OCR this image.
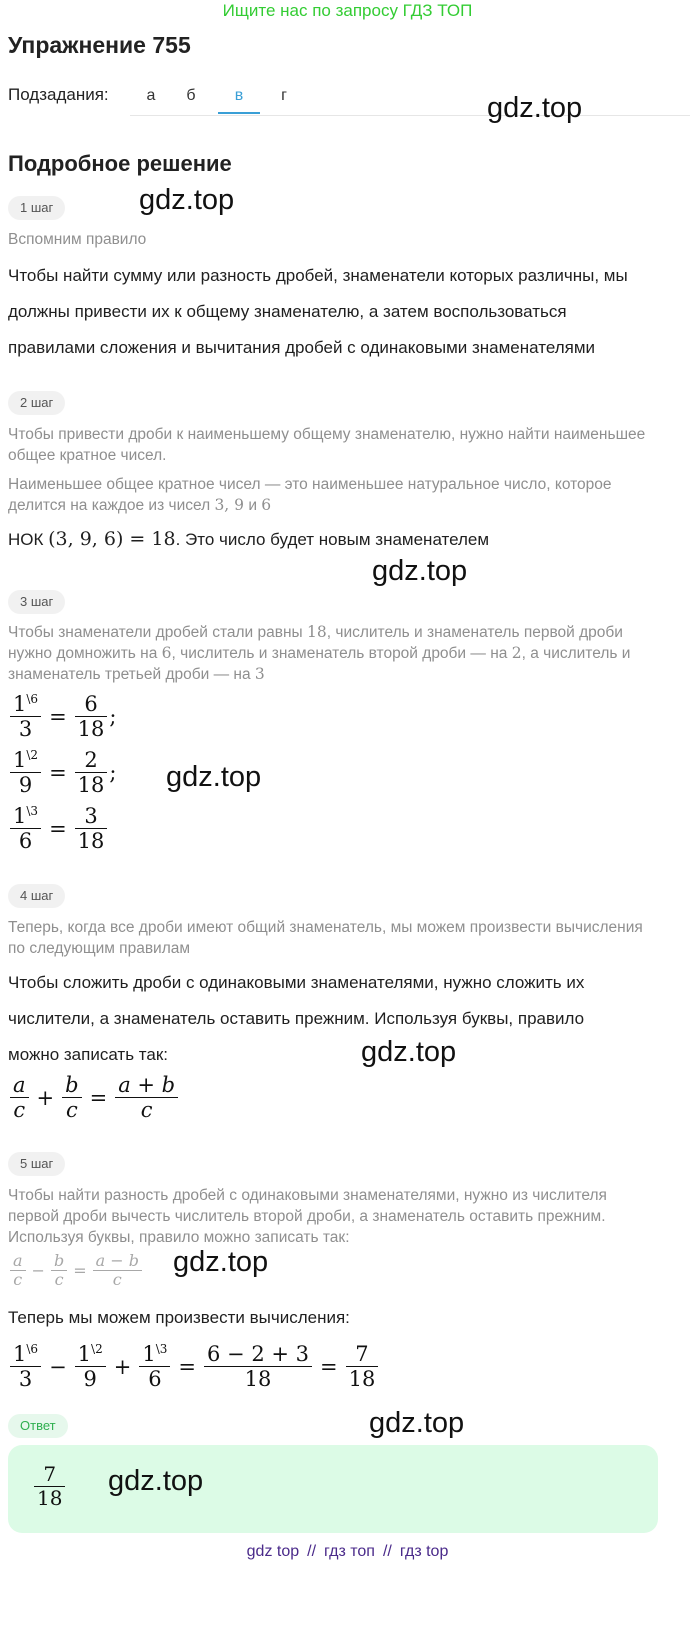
Ищите нас по запросу ГДЗ ТОП
Упражнение 755
Подзадания:	а	б	в	г	gdz.top
Подробное решение
1 шаг	gdz.top
Вспомним правило
Чтобы найти сумму или разность дробей, знаменатели которых различны, мы
должны привести их к общему знаменателю, а затем воспользоваться
правилами сложения и вычитания дробей с одинаковыми знаменателями
2 шаг
Чтобы привести дроби к наименьшему общему знаменателю, нужно найти наименьшее
общее кратное чисел.
Наименьшее общее кратное чисел — это наименьшее натуральное число, которое
делится на каждое из чисел 3, 9 и 6
НОК (3, 9, 6) = 18. Это число будет новым знаменателем
gdz.top
3 шаг
Чтобы знаменатели дробей стали равны 18, числитель и знаменатель первой дроби
нужно домножить на 6, числитель и знаменатель второй дроби — на 2, а числитель и
знаменатель третьей дроби — на 3
$\frac{1^{\backslash 6}}{3} = \frac{6}{18}$ ;
$\frac{1^{\backslash 2}}{9} = \frac{2}{18}$ ; gdz.top
$\frac{1^{\backslash 3}}{6} = \frac{3}{18}$
4 шаг
Теперь, когда все дроби имеют общий знаменатель, мы можем произвести вычисления
по следующим правилам
Чтобы сложить дроби с одинаковыми знаменателями, нужно сложить их
числители, а знаменатель оставить прежним. Используя буквы, правило
можно записать так:	gdz.top
$\frac{a}{c} + \frac{b}{c} = \frac{a + b}{c}$
5 шаг
Чтобы найти разность дробей с одинаковыми знаменателями, нужно из числителя
первой дроби вычесть числитель второй дроби, а знаменатель оставить прежним.
Используя буквы, правило можно записать так:
$\frac{a}{c} - \frac{b}{c} = \frac{a - b}{c} gdz.top$
Теперь мы можем произвести вычисления:
$\frac{1^{\backslash 6}}{3} - \frac{1^{\backslash 2}}{9} + \frac{1^{\backslash 3}}{6} = \frac{6 - 2 + 3}{18} = \frac{7}{18}$
Ответ	gdz.top
$\frac{7}{18} gdz.top$
gdz top // гдз топ // гдз top
